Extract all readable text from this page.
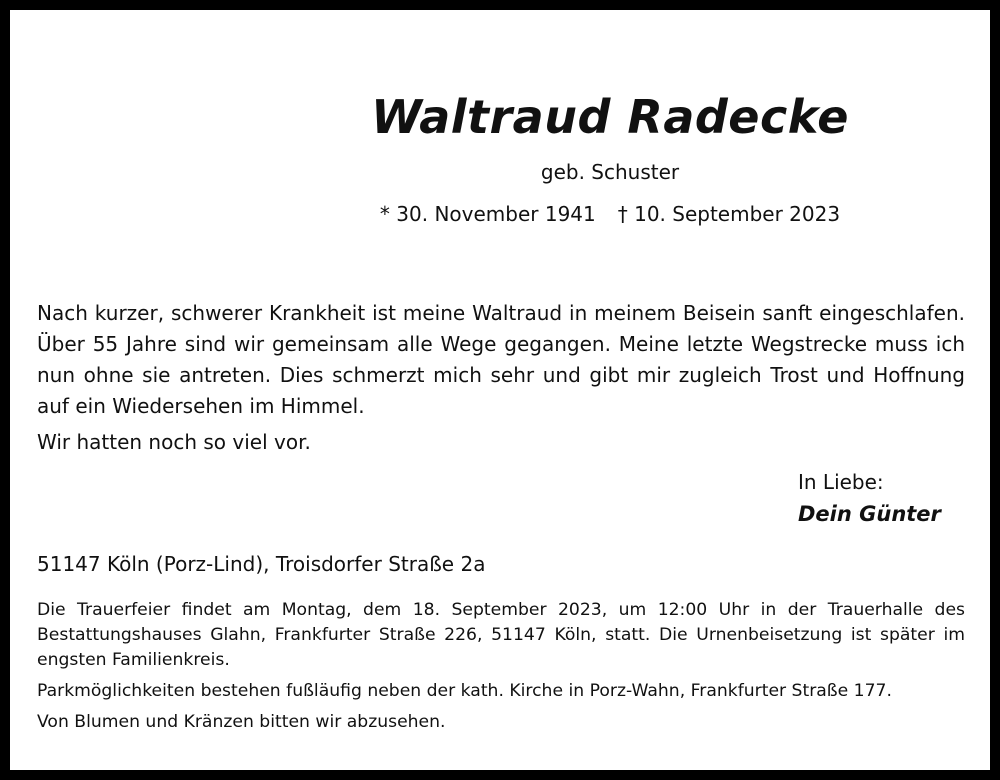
Waltraud Radecke
geb. Schuster
* 30. November 1941 † 10. September 2023
Nach kurzer, schwerer Krankheit ist meine Waltraud in meinem Beisein sanft eingeschlafen. Über 55 Jahre sind wir gemeinsam alle Wege gegangen. Meine letzte Wegstrecke muss ich nun ohne sie antreten. Dies schmerzt mich sehr und gibt mir zugleich Trost und Hoffnung auf ein Wiedersehen im Himmel.
Wir hatten noch so viel vor.
In Liebe:
Dein Günter
51147 Köln (Porz-Lind), Troisdorfer Straße 2a

Die Trauerfeier findet am Montag, dem 18. September 2023, um 12:00 Uhr in der Trauerhalle des Bestattungshauses Glahn, Frankfurter Straße 226, 51147 Köln, statt. Die Urnenbeisetzung ist später im engsten Familienkreis.

Parkmöglichkeiten bestehen fußläufig neben der kath. Kirche in Porz-Wahn, Frankfurter Straße 177.

Von Blumen und Kränzen bitten wir abzusehen.
